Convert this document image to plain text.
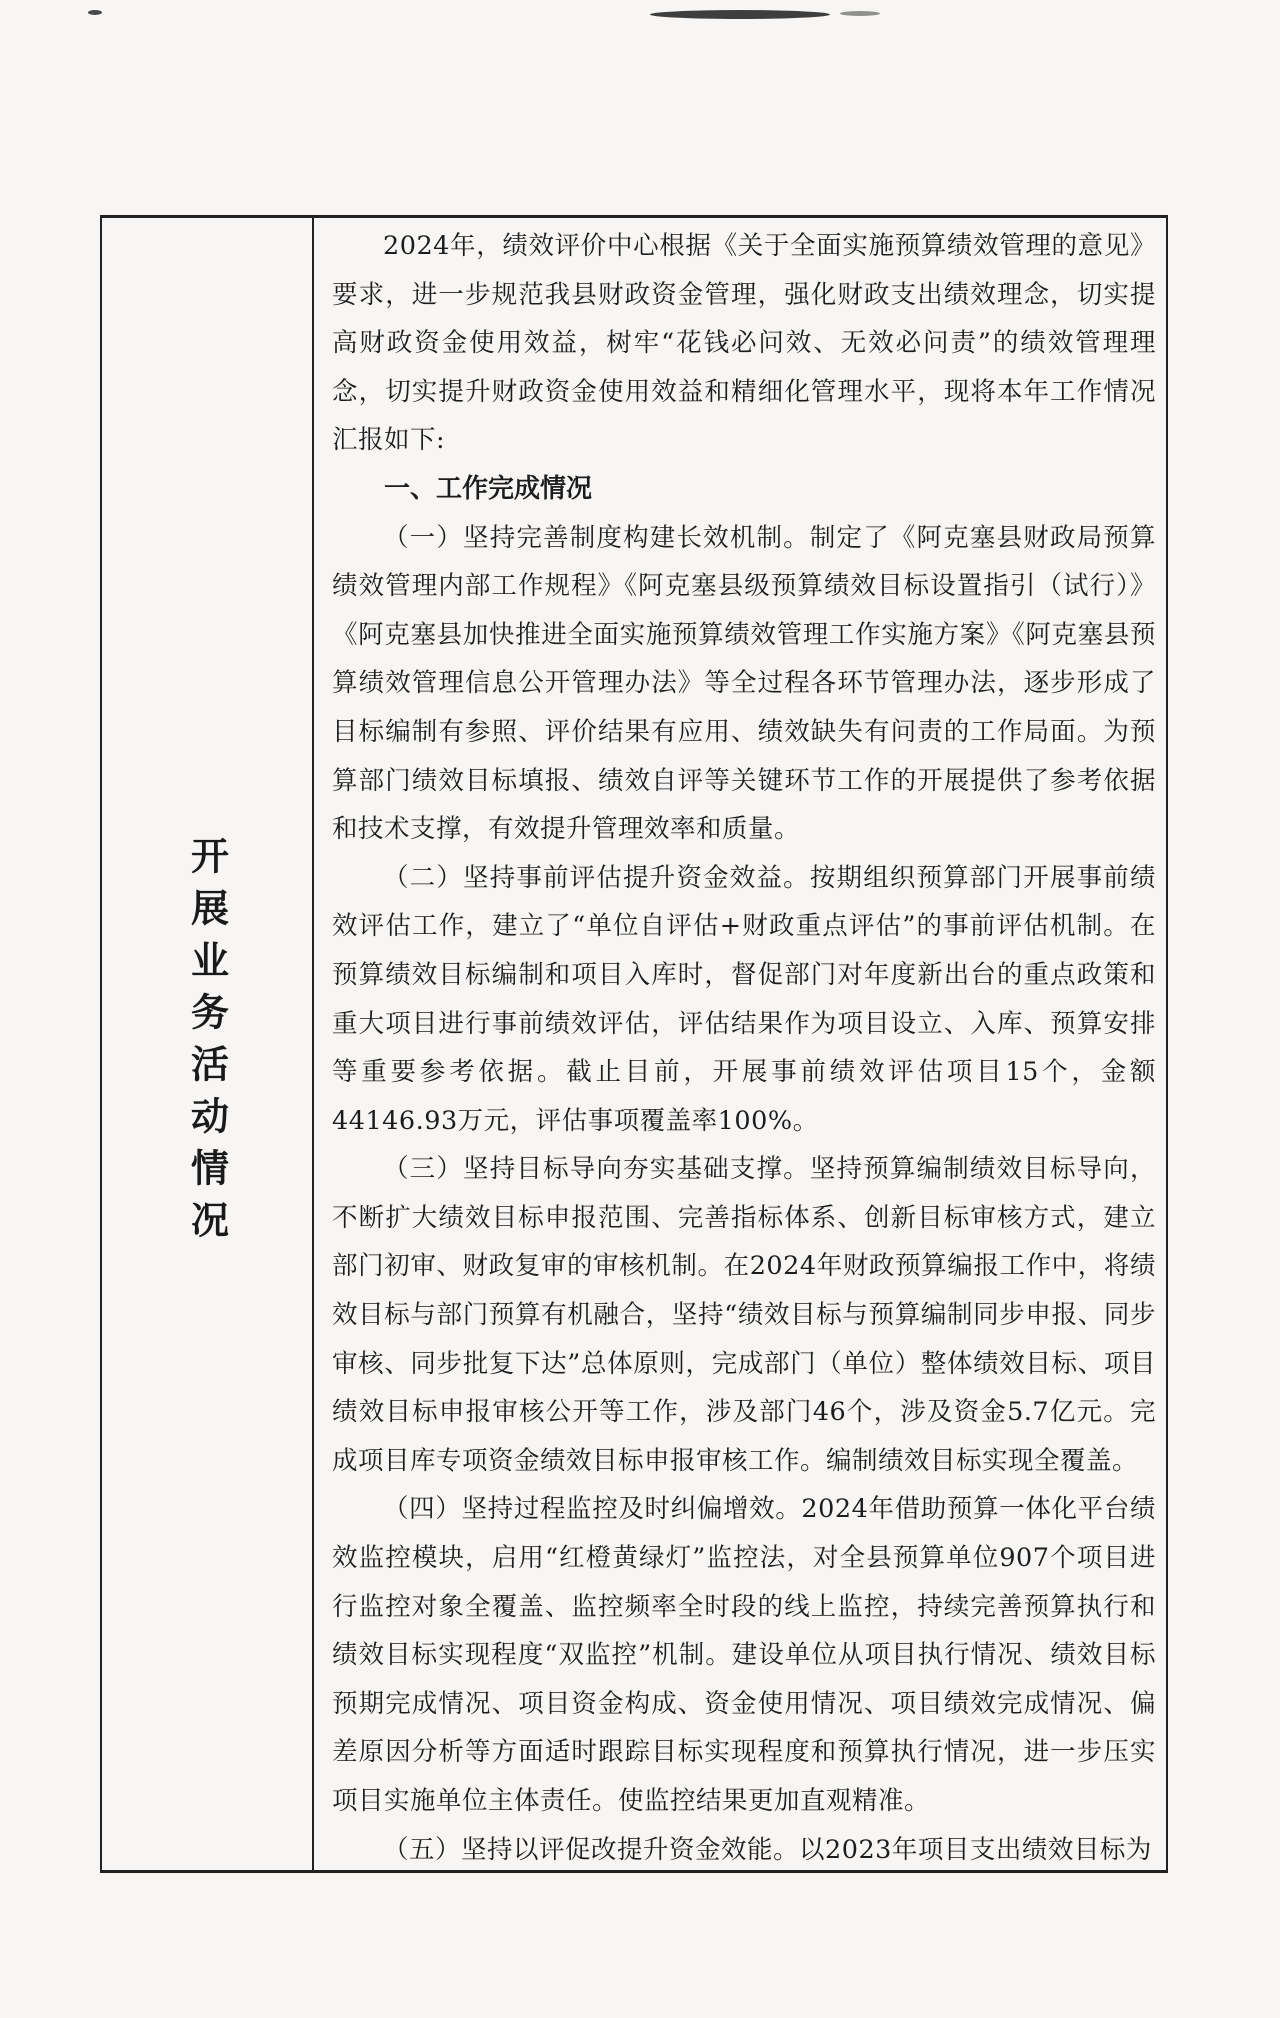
开展业务活动情况

2024年，绩效评价中心根据《关于全面实施预算绩效管理的意见》要求，进一步规范我县财政资金管理，强化财政支出绩效理念，切实提高财政资金使用效益，树牢“花钱必问效、无效必问责”的绩效管理理念，切实提升财政资金使用效益和精细化管理水平，现将本年工作情况汇报如下:

一、工作完成情况

（一）坚持完善制度构建长效机制。制定了《阿克塞县财政局预算绩效管理内部工作规程》《阿克塞县级预算绩效目标设置指引（试行）》《阿克塞县加快推进全面实施预算绩效管理工作实施方案》《阿克塞县预算绩效管理信息公开管理办法》等全过程各环节管理办法，逐步形成了目标编制有参照、评价结果有应用、绩效缺失有问责的工作局面。为预算部门绩效目标填报、绩效自评等关键环节工作的开展提供了参考依据和技术支撑，有效提升管理效率和质量。

（二）坚持事前评估提升资金效益。按期组织预算部门开展事前绩效评估工作，建立了“单位自评估+财政重点评估”的事前评估机制。在预算绩效目标编制和项目入库时，督促部门对年度新出台的重点政策和重大项目进行事前绩效评估，评估结果作为项目设立、入库、预算安排等重要参考依据。截止目前，开展事前绩效评估项目15个，金额44146.93万元，评估事项覆盖率100%。

（三）坚持目标导向夯实基础支撑。坚持预算编制绩效目标导向，不断扩大绩效目标申报范围、完善指标体系、创新目标审核方式，建立部门初审、财政复审的审核机制。在2024年财政预算编报工作中，将绩效目标与部门预算有机融合，坚持“绩效目标与预算编制同步申报、同步审核、同步批复下达”总体原则，完成部门（单位）整体绩效目标、项目绩效目标申报审核公开等工作，涉及部门46个，涉及资金5.7亿元。完成项目库专项资金绩效目标申报审核工作。编制绩效目标实现全覆盖。

（四）坚持过程监控及时纠偏增效。2024年借助预算一体化平台绩效监控模块，启用“红橙黄绿灯”监控法，对全县预算单位907个项目进行监控对象全覆盖、监控频率全时段的线上监控，持续完善预算执行和绩效目标实现程度“双监控”机制。建设单位从项目执行情况、绩效目标预期完成情况、项目资金构成、资金使用情况、项目绩效完成情况、偏差原因分析等方面适时跟踪目标实现程度和预算执行情况，进一步压实项目实施单位主体责任。使监控结果更加直观精准。

（五）坚持以评促改提升资金效能。以2023年项目支出绩效目标为
